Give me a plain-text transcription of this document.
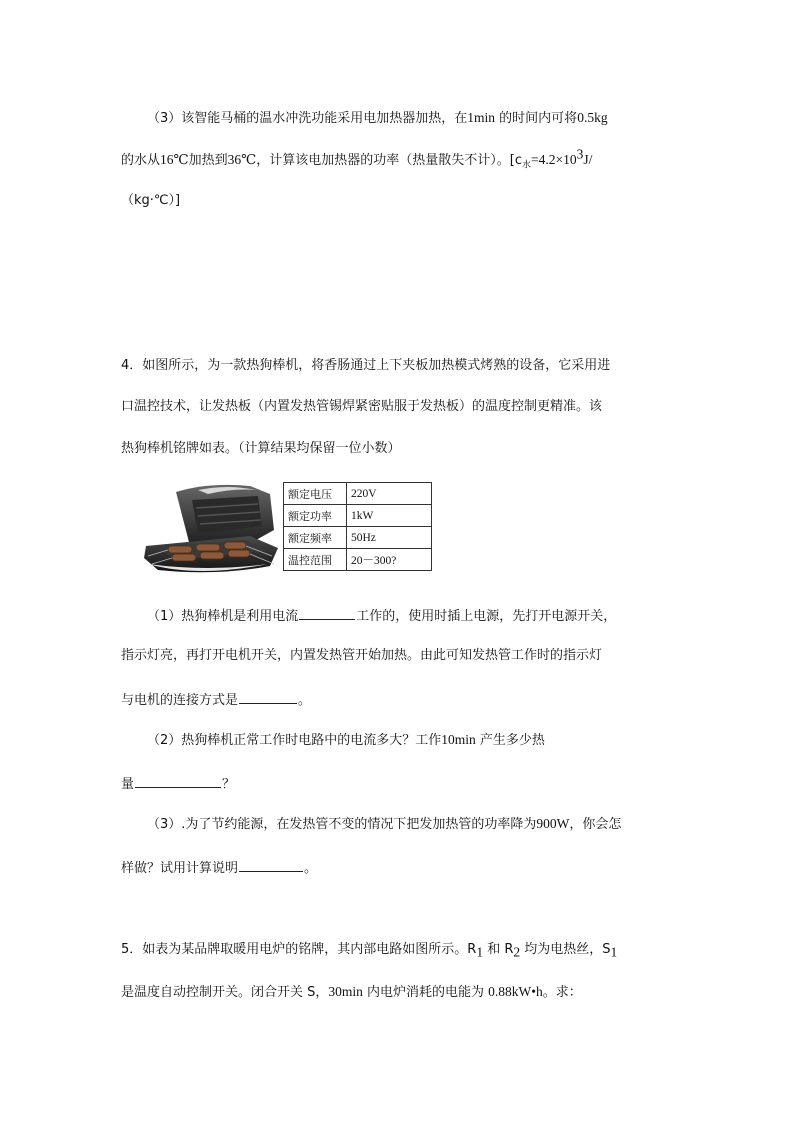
（3）该智能马桶的温水冲洗功能采用电加热器加热，在1min 的时间内可将0.5kg
的水从16℃加热到36℃，计算该电加热器的功率（热量散失不计）。[$c_水=4.2\times 10^3J/$
（kg·℃）]
4．如图所示，为一款热狗棒机，将香肠通过上下夹板加热模式烤熟的设备，它采用进
口温控技术，让发热板（内置发热管锡焊紧密贴服于发热板）的温度控制更精准。该
热狗棒机铭牌如表。（计算结果均保留一位小数）
额定电压	220V
额定功率	1kW
额定频率	50Hz
温控范围	20－300?
（1）热狗棒机是利用电流	工作的，使用时插上电源，先打开电源开关，
指示灯亮，再打开电机开关，内置发热管开始加热。由此可知发热管工作时的指示灯
与电机的连接方式是	。
（2）热狗棒机正常工作时电路中的电流多大？工作10min 产生多少热
量	？
（3）.为了节约能源，在发热管不变的情况下把发加热管的功率降为900W，你会怎
样做？试用计算说明	。
5．如表为某品牌取暖用电炉的铭牌，其内部电路如图所示。$R_1$ 和 $R_2$ 均为电热丝，$S_1$
是温度自动控制开关。闭合开关 S，30min 内电炉消耗的电能为 0.88kW•h。求：
